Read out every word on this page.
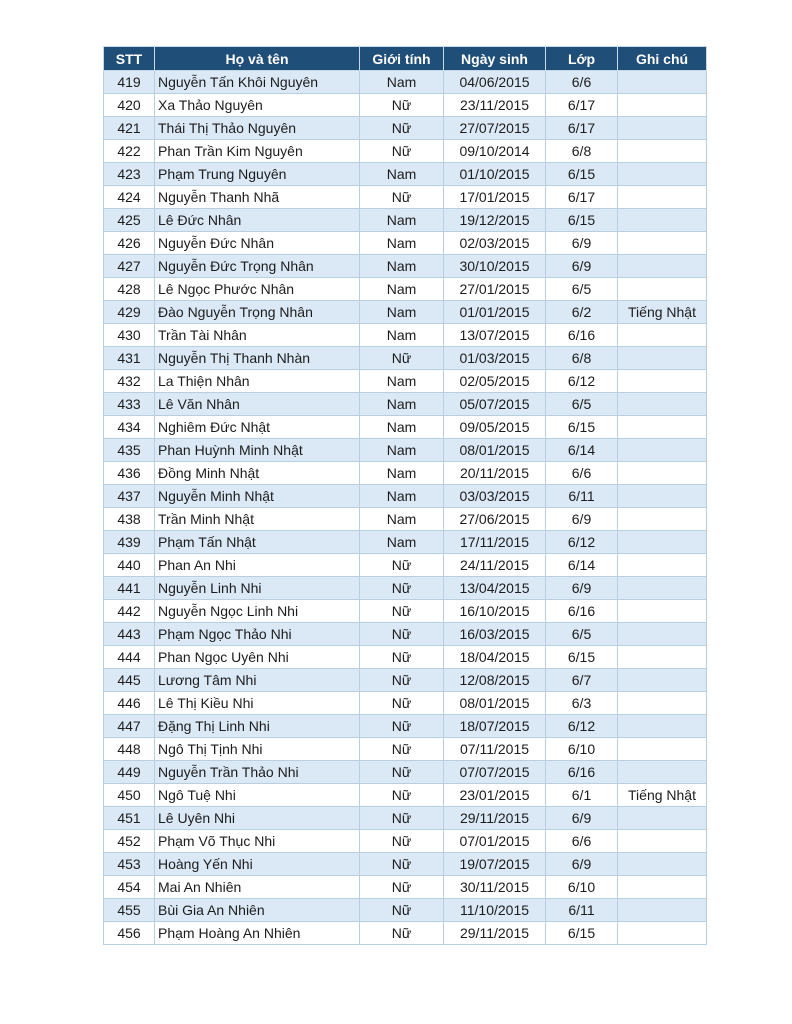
STT	Họ và tên	Giới tính	Ngày sinh	Lớp	Ghi chú
419	Nguyễn Tấn Khôi Nguyên	Nam	04/06/2015	6/6	
420	Xa Thảo Nguyên	Nữ	23/11/2015	6/17	
421	Thái Thị Thảo Nguyên	Nữ	27/07/2015	6/17	
422	Phan Trần Kim Nguyên	Nữ	09/10/2014	6/8	
423	Phạm Trung Nguyên	Nam	01/10/2015	6/15	
424	Nguyễn Thanh Nhã	Nữ	17/01/2015	6/17	
425	Lê Đức Nhân	Nam	19/12/2015	6/15	
426	Nguyễn Đức Nhân	Nam	02/03/2015	6/9	
427	Nguyễn Đức Trọng Nhân	Nam	30/10/2015	6/9	
428	Lê Ngọc Phước Nhân	Nam	27/01/2015	6/5	
429	Đào Nguyễn Trọng Nhân	Nam	01/01/2015	6/2	Tiếng Nhật
430	Trần Tài Nhân	Nam	13/07/2015	6/16	
431	Nguyễn Thị Thanh Nhàn	Nữ	01/03/2015	6/8	
432	La Thiện Nhân	Nam	02/05/2015	6/12	
433	Lê Văn Nhân	Nam	05/07/2015	6/5	
434	Nghiêm Đức Nhật	Nam	09/05/2015	6/15	
435	Phan Huỳnh Minh Nhật	Nam	08/01/2015	6/14	
436	Đồng Minh Nhật	Nam	20/11/2015	6/6	
437	Nguyễn Minh Nhật	Nam	03/03/2015	6/11	
438	Trần Minh Nhật	Nam	27/06/2015	6/9	
439	Phạm Tấn Nhật	Nam	17/11/2015	6/12	
440	Phan An Nhi	Nữ	24/11/2015	6/14	
441	Nguyễn Linh Nhi	Nữ	13/04/2015	6/9	
442	Nguyễn Ngọc Linh Nhi	Nữ	16/10/2015	6/16	
443	Phạm Ngọc Thảo Nhi	Nữ	16/03/2015	6/5	
444	Phan Ngọc Uyên Nhi	Nữ	18/04/2015	6/15	
445	Lương Tâm Nhi	Nữ	12/08/2015	6/7	
446	Lê Thị Kiều Nhi	Nữ	08/01/2015	6/3	
447	Đặng Thị Linh Nhi	Nữ	18/07/2015	6/12	
448	Ngô Thị Tịnh Nhi	Nữ	07/11/2015	6/10	
449	Nguyễn Trần Thảo Nhi	Nữ	07/07/2015	6/16	
450	Ngô Tuệ Nhi	Nữ	23/01/2015	6/1	Tiếng Nhật
451	Lê Uyên Nhi	Nữ	29/11/2015	6/9	
452	Phạm Võ Thục Nhi	Nữ	07/01/2015	6/6	
453	Hoàng Yến Nhi	Nữ	19/07/2015	6/9	
454	Mai An Nhiên	Nữ	30/11/2015	6/10	
455	Bùi Gia An Nhiên	Nữ	11/10/2015	6/11	
456	Phạm Hoàng An Nhiên	Nữ	29/11/2015	6/15	
